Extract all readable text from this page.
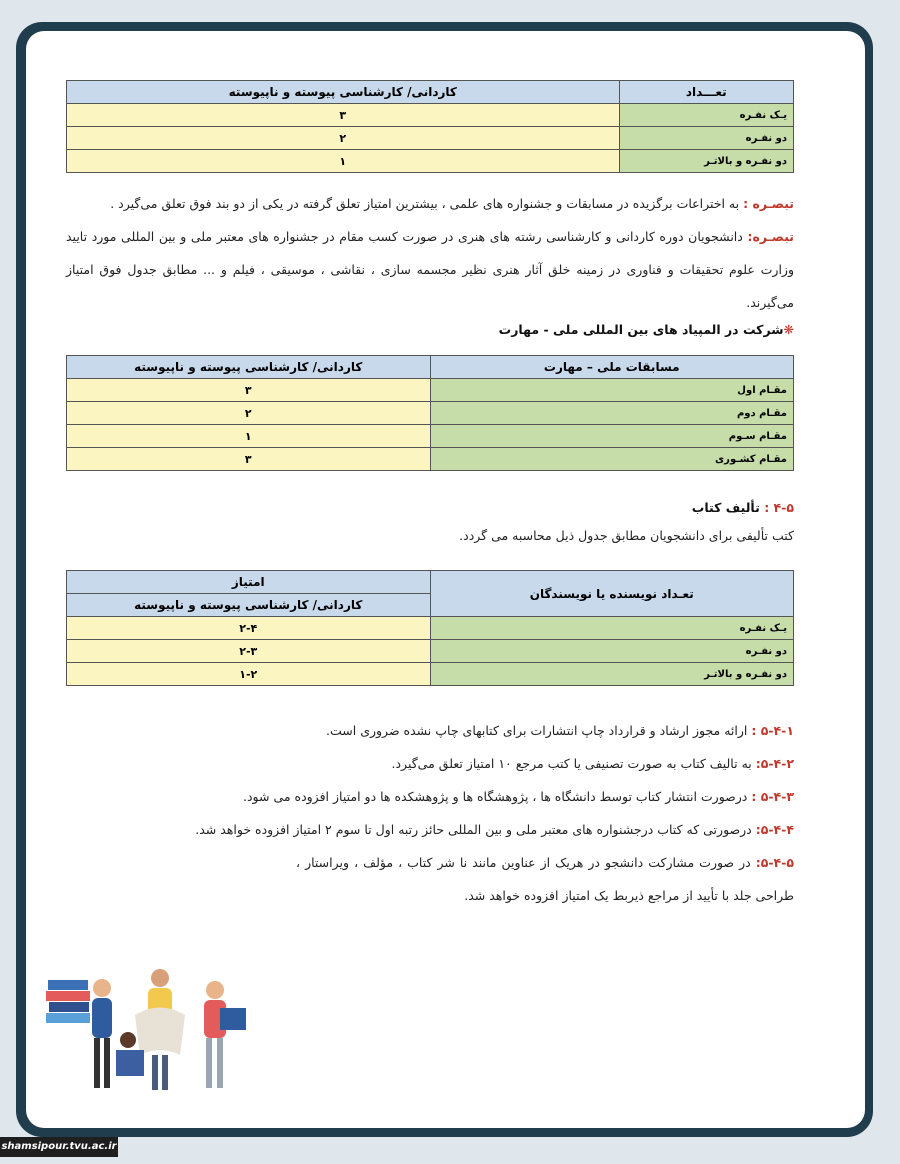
تعـــداد	کاردانی/ کارشناسی پیوسته و ناپیوسته
یـک نفـره	۳
دو نفـره	۲
دو نفـره و بالاتـر	۱

تبصـره : به اختراعات برگزیده در مسابقات و جشنواره های علمی ، بیشترین امتیاز تعلق گرفته در یکی از دو بند فوق تعلق می‌گیرد .

تبصـره: دانشجویان دوره کاردانی و کارشناسی رشته های هنری در صورت کسب مقام در جشنواره های معتبر ملی و بین المللی مورد تایید وزارت علوم تحقیقات و فناوری در زمینه خلق آثار هنری نظیر مجسمه سازی ، نقاشی ، موسیقی ، فیلم و ... مطابق جدول فوق امتیاز می‌گیرند.

❋شرکت در المپیاد های بین المللی ملی - مهارت

مسابقات ملی – مهارت	کاردانی/ کارشناسی پیوسته و ناپیوسته
مقـام اول	۳
مقـام دوم	۲
مقـام سـوم	۱
مقـام کشـوری	۳

۴-۵ : تألیف کتاب

کتب تألیفی برای دانشجویان مطابق جدول ذیل محاسبه می گردد.

تعـداد نویسنده یا نویسندگان	امتیاز
	کاردانی/ کارشناسی پیوسته و ناپیوسته
یـک نفـره	۲-۴
دو نفـره	۲-۳
دو نفـره و بالاتـر	۱-۲

۵-۴-۱ : ارائه مجوز ارشاد و قرارداد چاپ انتشارات برای کتابهای چاپ نشده ضروری است.

۵-۴-۲: به تالیف کتاب به صورت تصنیفی یا کتب مرجع ۱۰ امتیاز تعلق می‌گیرد.

۵-۴-۳ : درصورت انتشار کتاب توسط دانشگاه ها ، پژوهشگاه ها و پژوهشکده ها دو امتیاز افزوده می شود.

۵-۴-۴: درصورتی که کتاب درجشنواره های معتبر ملی و بین المللی حائز رتبه اول تا سوم ۲ امتیاز افزوده خواهد شد.

۵-۴-۵: در صورت مشارکت دانشجو در هریک از عناوین مانند نا شر کتاب ، مؤلف ، ویراستار ، طراحی جلد با تأیید از مراجع ذیربط یک امتیاز افزوده خواهد شد.

shamsipour.tvu.ac.ir
